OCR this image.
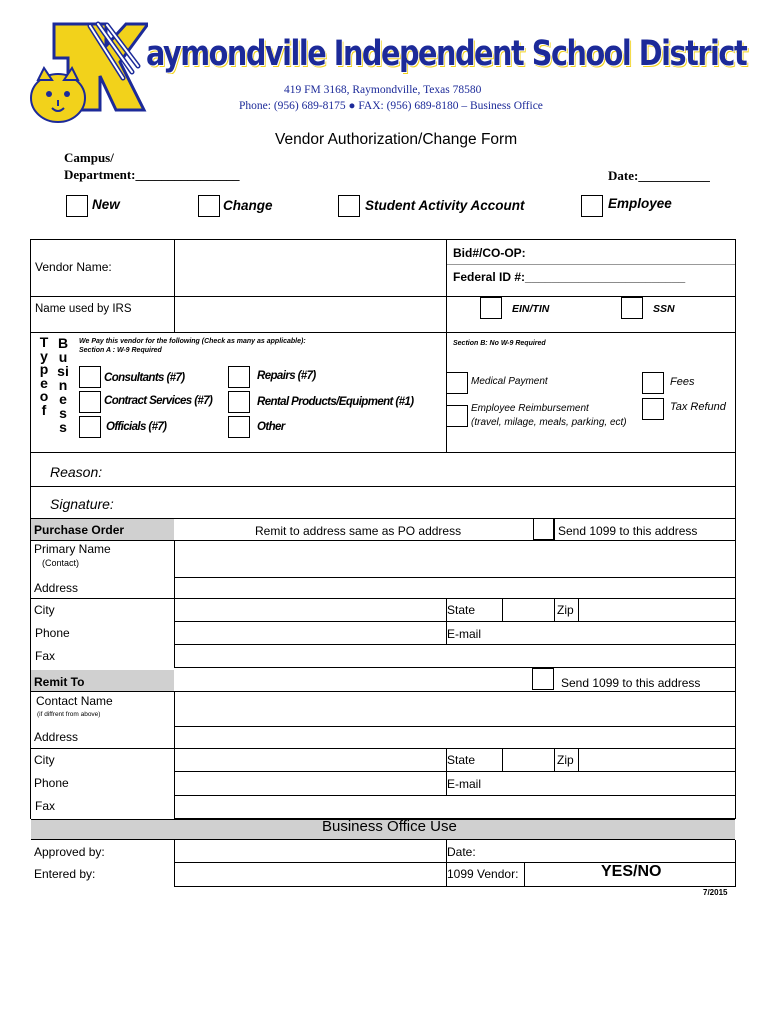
aymondville Independent School District
419 FM 3168, Raymondville, Texas 78580
Phone: (956) 689-8175 ● FAX: (956) 689-8180 – Business Office
Vendor Authorization/Change Form
Campus/
Department:________________	Date:___________
New	Change	Student Activity Account	Employee
Vendor Name:
Bid#/CO-OP:
Federal ID #:________________________
Name used by IRS	EIN/TIN	SSN
Type of
Business
We Pay this vendor for the following (Check as many as applicable):
Section A : W-9 Required
Consultants (#7)
Contract Services (#7)
Officials (#7)
Repairs (#7)
Rental Products/Equipment (#1)
Other
Section B: No W-9 Required
Medical Payment
Employee Reimbursement
(travel, milage, meals, parking, ect)
Fees
Tax Refund
Reason:
Signature:
Purchase Order	Remit to address same as PO address	Send 1099 to this address
Primary Name
(Contact)
Address
City	State	Zip
Phone	E-mail
Fax
Remit To	Send 1099 to this address
Contact Name
(if diffrent from above)
Address
City	State	Zip
Phone	E-mail
Fax
Business Office Use
Approved by:	Date:
Entered by:	1099 Vendor:	YES/NO
7/2015
